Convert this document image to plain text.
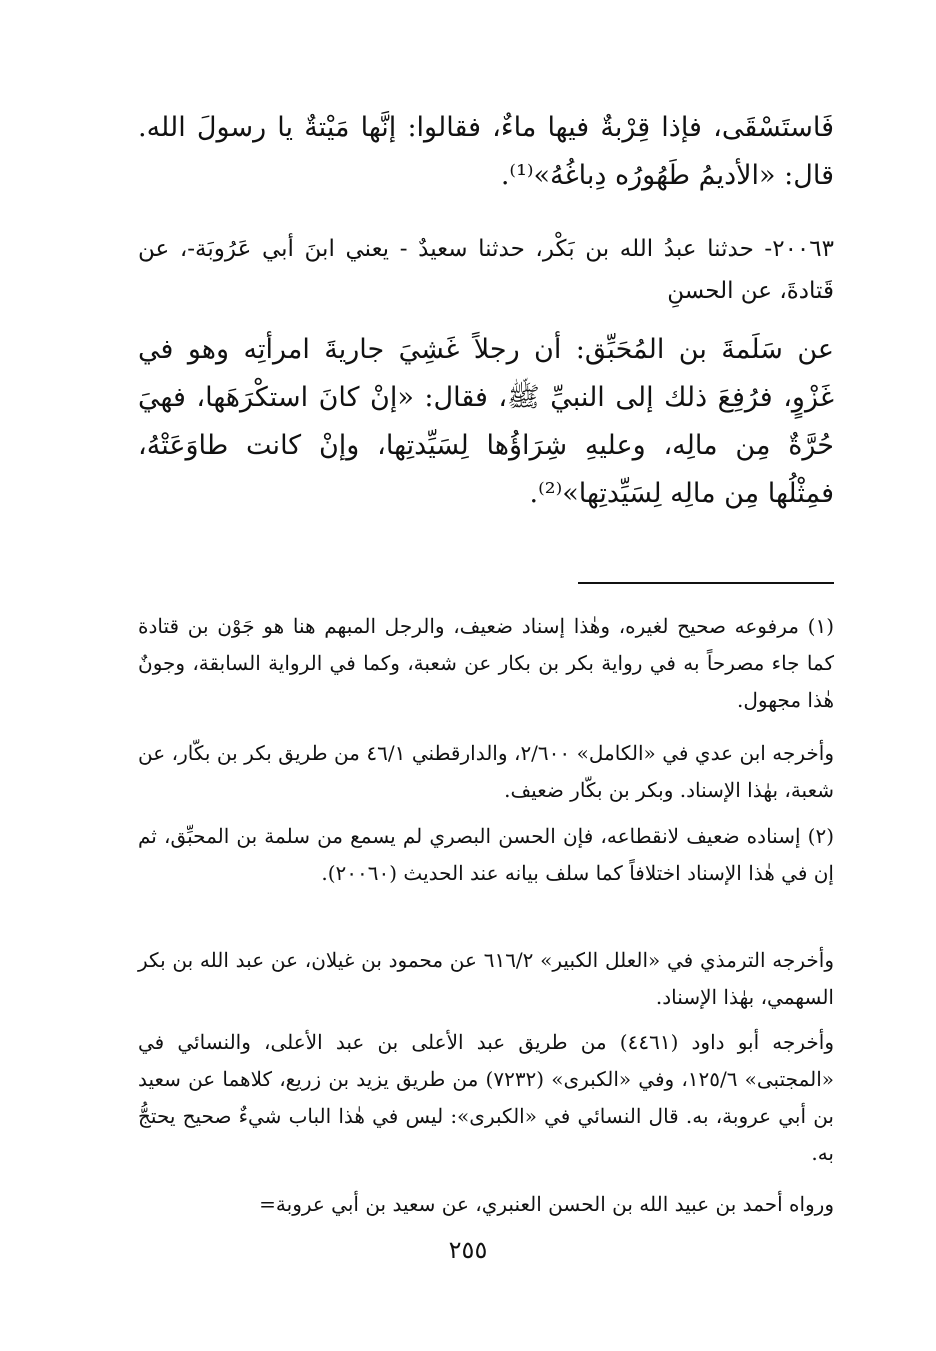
فَاستَسْقَى، فإذا قِرْبةٌ فيها ماءٌ، فقالوا: إنَّها مَيْتةٌ يا رسولَ الله. قال: «الأديمُ طَهُورُه دِباغُهُ»⁽¹⁾.

٢٠٠٦٣- حدثنا عبدُ الله بن بَكْر، حدثنا سعيدٌ - يعني ابنَ أبي عَرُوبَة-، عن قَتادةَ، عن الحسنِ

عن سَلَمةَ بن المُحَبِّق: أن رجلاً غَشِيَ جاريةَ امرأتِه وهو في غَزْوٍ، فرُفِعَ ذلك إلى النبيِّ ﷺ، فقال: «إنْ كانَ استكْرَهَها، فهيَ حُرَّةٌ مِن مالِه، وعليهِ شِرَاؤُها لِسَيِّدتِها، وإنْ كانت طاوَعَتْهُ، فمِثْلُها مِن مالِه لِسَيِّدتِها»⁽²⁾.

(١) مرفوعه صحيح لغيره، وهٰذا إسناد ضعيف، والرجل المبهم هنا هو جَوْن بن قتادة كما جاء مصرحاً به في رواية بكر بن بكار عن شعبة، وكما في الرواية السابقة، وجونٌ هٰذا مجهول.

وأخرجه ابن عدي في «الكامل» ٢/٦٠٠، والدارقطني ٤٦/١ من طريق بكر بن بكّار، عن شعبة، بهٰذا الإسناد. وبكر بن بكّار ضعيف.

(٢) إسناده ضعيف لانقطاعه، فإن الحسن البصري لم يسمع من سلمة بن المحبِّق، ثم إن في هٰذا الإسناد اختلافاً كما سلف بيانه عند الحديث (٢٠٠٦٠).

وأخرجه الترمذي في «العلل الكبير» ٦١٦/٢ عن محمود بن غيلان، عن عبد الله بن بكر السهمي، بهٰذا الإسناد.

وأخرجه أبو داود (٤٤٦١) من طريق عبد الأعلى بن عبد الأعلى، والنسائي في «المجتبى» ١٢٥/٦، وفي «الكبرى» (٧٢٣٢) من طريق يزيد بن زريع، كلاهما عن سعيد بن أبي عروبة، به. قال النسائي في «الكبرى»: ليس في هٰذا الباب شيءٌ صحيح يحتجُّ به.

ورواه أحمد بن عبيد الله بن الحسن العنبري، عن سعيد بن أبي عروبة=

٢٥٥
